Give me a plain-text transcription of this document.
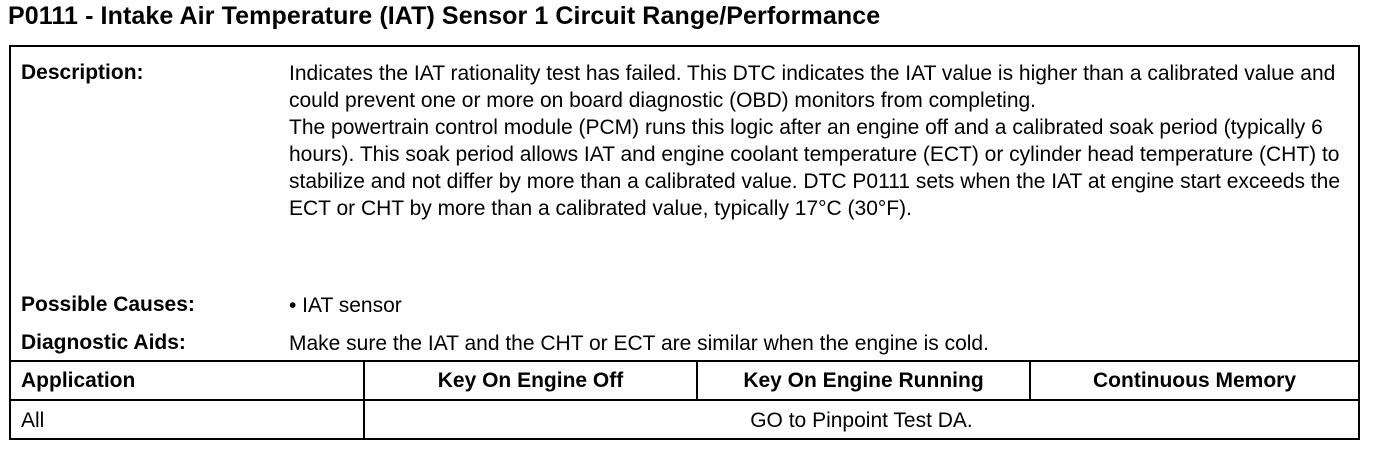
P0111 - Intake Air Temperature (IAT) Sensor 1 Circuit Range/Performance
Description:	Indicates the IAT rationality test has failed. This DTC indicates the IAT value is higher than a calibrated value and could prevent one or more on board diagnostic (OBD) monitors from completing.

The powertrain control module (PCM) runs this logic after an engine off and a calibrated soak period (typically 6 hours). This soak period allows IAT and engine coolant temperature (ECT) or cylinder head temperature (CHT) to stabilize and not differ by more than a calibrated value. DTC P0111 sets when the IAT at engine start exceeds the ECT or CHT by more than a calibrated value, typically 17°C (30°F).

Possible Causes:	• IAT sensor
Diagnostic Aids:	Make sure the IAT and the CHT or ECT are similar when the engine is cold.
Application	Key On Engine Off	Key On Engine Running	Continuous Memory
All	GO to Pinpoint Test DA.
